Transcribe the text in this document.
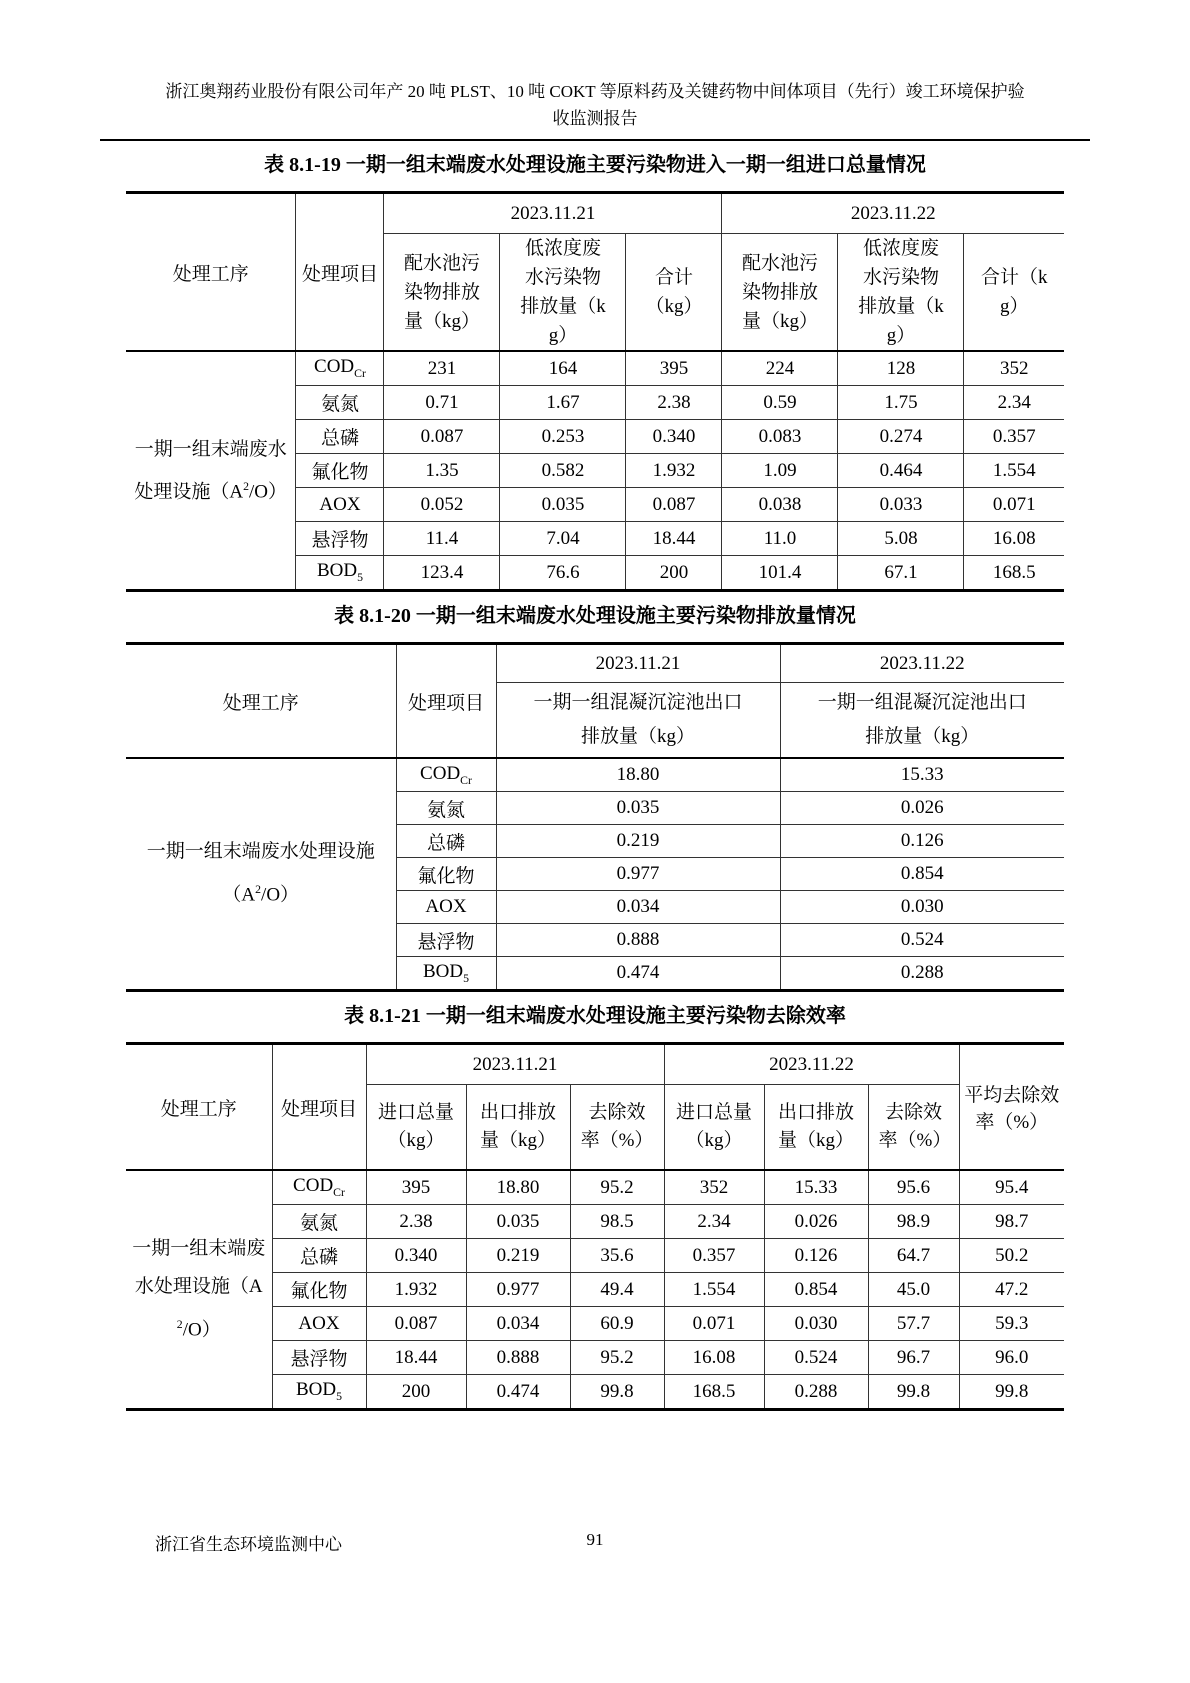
浙江奥翔药业股份有限公司年产 20 吨 PLST、10 吨 COKT 等原料药及关键药物中间体项目（先行）竣工环境保护验
收监测报告
表 8.1-19 一期一组末端废水处理设施主要污染物进入一期一组进口总量情况
处理工序	处理项目	2023.11.21			2023.11.22		
		配水池污染物排放量（kg）	低浓度废水污染物排放量（kg）	合计（kg）	配水池污染物排放量（kg）	低浓度废水污染物排放量（kg）	合计（kg）
一期一组末端废水处理设施$(A^2/O)$	$COD_{Cr}$	231	164	395	224	128	352
	氨氮	0.71	1.67	2.38	0.59	1.75	2.34
	总磷	0.087	0.253	0.340	0.083	0.274	0.357
	氟化物	1.35	0.582	1.932	1.09	0.464	1.554
	AOX	0.052	0.035	0.087	0.038	0.033	0.071
	悬浮物	11.4	7.04	18.44	11.0	5.08	16.08
	$BOD_5$	123.4	76.6	200	101.4	67.1	168.5
表 8.1-20 一期一组末端废水处理设施主要污染物排放量情况
处理工序	处理项目	2023.11.21	2023.11.22
		一期一组混凝沉淀池出口排放量（kg）	一期一组混凝沉淀池出口排放量（kg）
一期一组末端废水处理设施$(A^2/O)$	$COD_{Cr}$	18.80	15.33
	氨氮	0.035	0.026
	总磷	0.219	0.126
	氟化物	0.977	0.854
	AOX	0.034	0.030
	悬浮物	0.888	0.524
	$BOD_5$	0.474	0.288
表 8.1-21 一期一组末端废水处理设施主要污染物去除效率
处理工序	处理项目	2023.11.21			2023.11.22			平均去除效率（%）
		进口总量（kg）	出口排放量（kg）	去除效率（%）	进口总量（kg）	出口排放量（kg）	去除效率（%）	
一期一组末端废水处理设施$(A^2/O)$	$COD_{Cr}$	395	18.80	95.2	352	15.33	95.6	95.4
	氨氮	2.38	0.035	98.5	2.34	0.026	98.9	98.7
	总磷	0.340	0.219	35.6	0.357	0.126	64.7	50.2
	氟化物	1.932	0.977	49.4	1.554	0.854	45.0	47.2
	AOX	0.087	0.034	60.9	0.071	0.030	57.7	59.3
	悬浮物	18.44	0.888	95.2	16.08	0.524	96.7	96.0
	$BOD_5$	200	0.474	99.8	168.5	0.288	99.8	99.8
91
浙江省生态环境监测中心
